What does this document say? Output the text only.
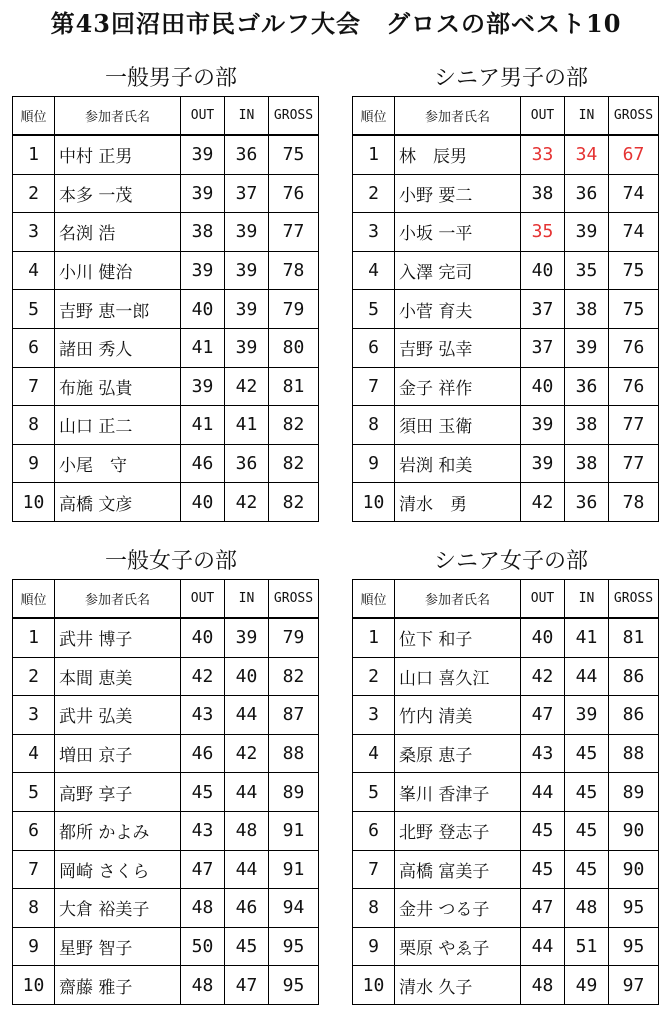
第43回沼田市民ゴルフ大会　グロスの部ベスト10
一般男子の部
順位	参加者氏名	OUT	IN	GROSS
1	中村 正男	39	36	75
2	本多 一茂	39	37	76
3	名渕 浩	38	39	77
4	小川 健治	39	39	78
5	吉野 恵一郎	40	39	79
6	諸田 秀人	41	39	80
7	布施 弘貴	39	42	81
8	山口 正二	41	41	82
9	小尾　守	46	36	82
10	高橋 文彦	40	42	82
シニア男子の部
順位	参加者氏名	OUT	IN	GROSS
1	林　辰男	33	34	67
2	小野 要二	38	36	74
3	小坂 一平	35	39	74
4	入澤 完司	40	35	75
5	小菅 育夫	37	38	75
6	吉野 弘幸	37	39	76
7	金子 祥作	40	36	76
8	須田 玉衛	39	38	77
9	岩渕 和美	39	38	77
10	清水　勇	42	36	78
一般女子の部
順位	参加者氏名	OUT	IN	GROSS
1	武井 博子	40	39	79
2	本間 恵美	42	40	82
3	武井 弘美	43	44	87
4	増田 京子	46	42	88
5	高野 享子	45	44	89
6	都所 かよみ	43	48	91
7	岡崎 さくら	47	44	91
8	大倉 裕美子	48	46	94
9	星野 智子	50	45	95
10	齋藤 雅子	48	47	95
シニア女子の部
順位	参加者氏名	OUT	IN	GROSS
1	位下 和子	40	41	81
2	山口 喜久江	42	44	86
3	竹内 清美	47	39	86
4	桑原 恵子	43	45	88
5	峯川 香津子	44	45	89
6	北野 登志子	45	45	90
7	高橋 富美子	45	45	90
8	金井 つる子	47	48	95
9	栗原 やゑ子	44	51	95
10	清水 久子	48	49	97
